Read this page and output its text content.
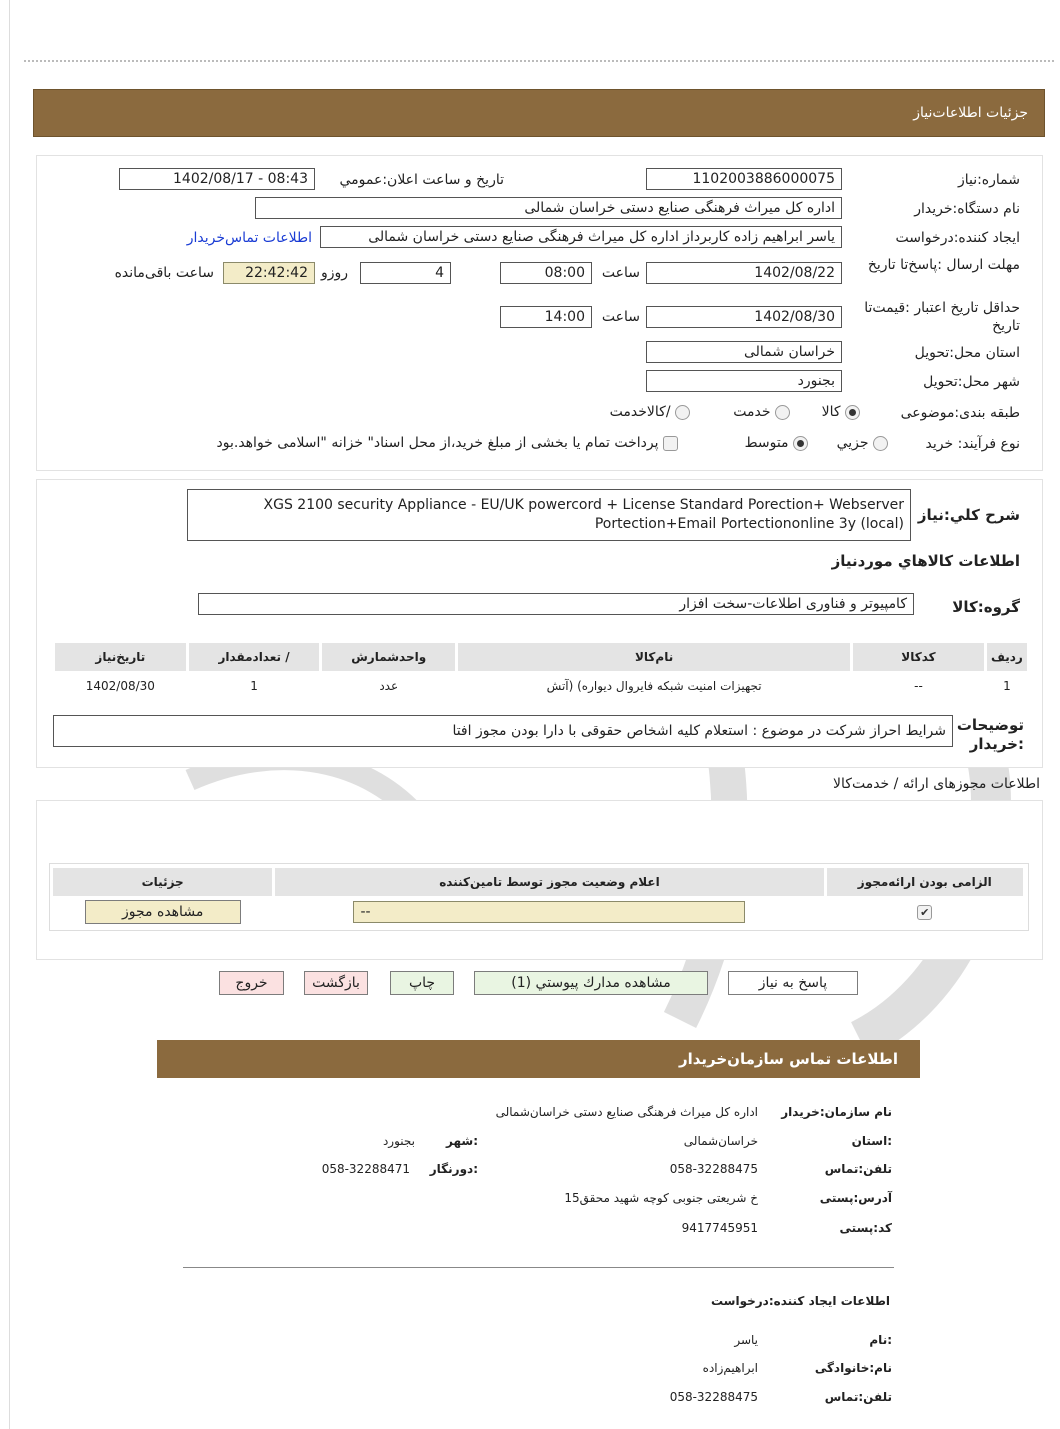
جزئیات اطلاعات‌نیاز
شماره‌:نیاز
1102003886000075
تاریخ و ساعت اعلان:عمومي
1402/08/17 - 08:43
نام دستگاه:خریدار
اداره کل میراث فرهنگی صنایع دستی خراسان شمالی
ایجاد کننده:درخواست
یاسر ابراهیم زاده کاربرداز اداره کل میراث فرهنگی صنایع دستی خراسان شمالی
اطلاعات تماس‌خریدار
مهلت ارسال :پاسخ‌تا تاریخ
1402/08/22
ساعت
08:00
4
روزو
22:42:42
ساعت باقی‌مانده
حداقل تاریخ اعتبار :قیمت‌تا تاریخ
1402/08/30
ساعت
14:00
استان محل:تحویل
خراسان شمالی
شهر محل:تحویل
بجنورد
طبقه بندی:موضوعی
کالا
خدمت
/کالاخدمت
نوع فرآیند: خرید
جزيي
متوسط
پرداخت تمام یا بخشی از مبلغ خرید،از محل اسناد" خزانه "اسلامی خواهد.بود
شرح کلي:نیاز
XGS 2100 security Appliance - EU/UK powercord + License Standard Porection+ Webserver
Portection+Email Portectiononline 3y (local)
اطلاعات کالاهاي موردنیاز
گروه:کالا
کامپیوتر و فناوری اطلاعات-سخت افزار
ردیف	کدکالا	نام‌کالا	واحدشمارش	/ تعدادمقدار	تاریخ‌نیاز
1	--	تجهیزات امنیت شبکه فایروال دیواره) (آتش	عدد	1	1402/08/30
توضیحات :خریدار
شرایط احراز شرکت در موضوع : استعلام کلیه اشخاص حقوقی با دارا بودن مجوز افتا
اطلاعات مجوزهای ارائه / خدمت‌کالا
الزامی بودن ارائه‌مجوز	اعلام وضعیت مجوز توسط تامین‌کننده	جزئیات
✔	--	مشاهده مجوز
پاسخ به نیاز
مشاهده مدارك پيوستي (1)
چاپ
بازگشت
خروج
اطلاعات تماس سازمان‌خریدار
نام سازمان:خریدار
اداره کل میراث فرهنگی صنایع دستی خراسان‌شمالی
:استان
خراسان‌شمالی
:شهر
بجنورد
تلفن:تماس
058-32288475
:دورنگار
058-32288471
آدرس:پستی
خ شریعتی جنوبی کوچه شهید محقق15
کد:پستی
9417745951
اطلاعات ایجاد کننده:درخواست
:نام
یاسر
نام:خانوادگی
ابراهیم‌زاده
تلفن:تماس
058-32288475
